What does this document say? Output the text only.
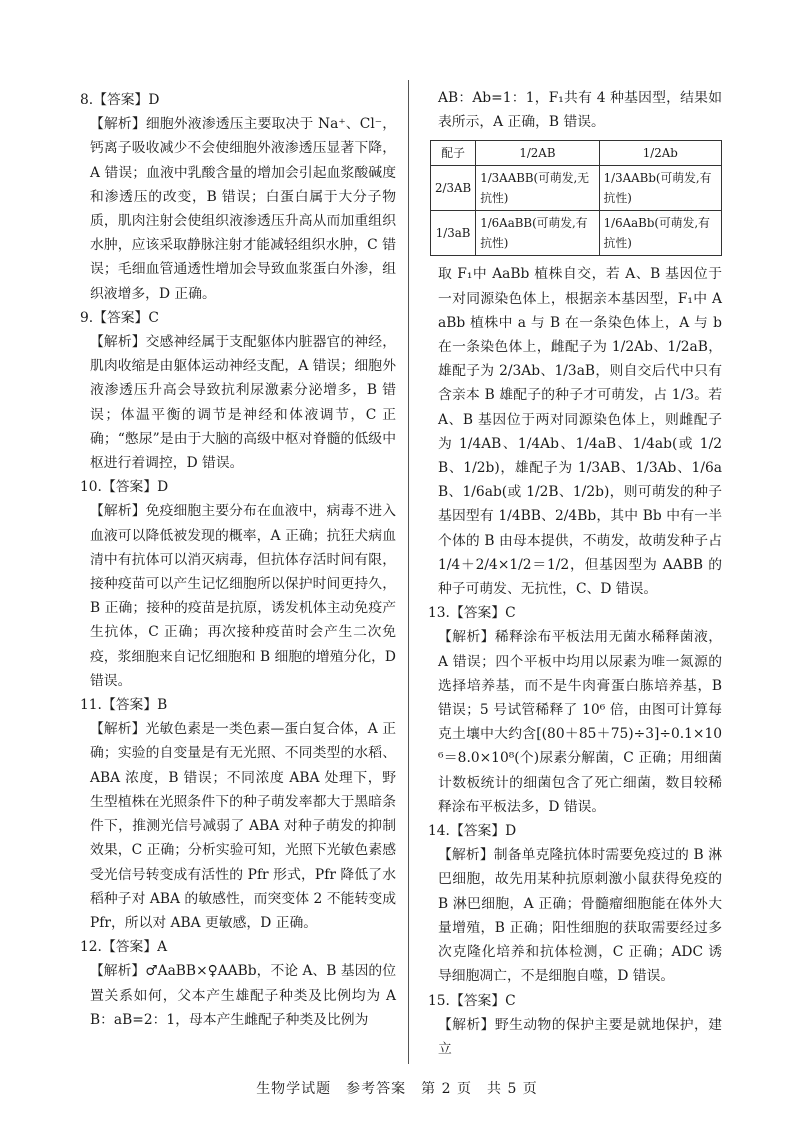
8.【答案】D
【解析】细胞外液渗透压主要取决于 Na⁺、Cl⁻，钙离子吸收减少不会使细胞外液渗透压显著下降，A 错误；血液中乳酸含量的增加会引起血浆酸碱度和渗透压的改变，B 错误；白蛋白属于大分子物质，肌肉注射会使组织液渗透压升高从而加重组织水肿，应该采取静脉注射才能减轻组织水肿，C 错误；毛细血管通透性增加会导致血浆蛋白外渗，组织液增多，D 正确。
9.【答案】C
【解析】交感神经属于支配躯体内脏器官的神经，肌肉收缩是由躯体运动神经支配，A 错误；细胞外液渗透压升高会导致抗利尿激素分泌增多，B 错误；体温平衡的调节是神经和体液调节，C 正确；“憋尿”是由于大脑的高级中枢对脊髓的低级中枢进行着调控，D 错误。
10.【答案】D
【解析】免疫细胞主要分布在血液中，病毒不进入血液可以降低被发现的概率，A 正确；抗狂犬病血清中有抗体可以消灭病毒，但抗体存活时间有限，接种疫苗可以产生记忆细胞所以保护时间更持久，B 正确；接种的疫苗是抗原，诱发机体主动免疫产生抗体，C 正确；再次接种疫苗时会产生二次免疫，浆细胞来自记忆细胞和 B 细胞的增殖分化，D 错误。
11.【答案】B
【解析】光敏色素是一类色素—蛋白复合体，A 正确；实验的自变量是有无光照、不同类型的水稻、ABA 浓度，B 错误；不同浓度 ABA 处理下，野生型植株在光照条件下的种子萌发率都大于黑暗条件下，推测光信号减弱了 ABA 对种子萌发的抑制效果，C 正确；分析实验可知，光照下光敏色素感受光信号转变成有活性的 Pfr 形式，Pfr 降低了水稻种子对 ABA 的敏感性，而突变体 2 不能转变成 Pfr，所以对 ABA 更敏感，D 正确。
12.【答案】A
【解析】♂AaBB×♀AABb，不论 A、B 基因的位置关系如何，父本产生雄配子种类及比例均为 AB：aB=2：1，母本产生雌配子种类及比例为
AB：Ab=1：1，F₁共有 4 种基因型，结果如表所示，A 正确，B 错误。
配子	1/2AB	1/2Ab
2/3AB	1/3AABB(可萌发,无抗性)	1/3AABb(可萌发,有抗性)
1/3aB	1/6AaBB(可萌发,有抗性)	1/6AaBb(可萌发,有抗性)
取 F₁中 AaBb 植株自交，若 A、B 基因位于一对同源染色体上，根据亲本基因型，F₁中 AaBb 植株中 a 与 B 在一条染色体上，A 与 b 在一条染色体上，雌配子为 1/2Ab、1/2aB，雄配子为 2/3Ab、1/3aB，则自交后代中只有含亲本 B 雄配子的种子才可萌发，占 1/3。若 A、B 基因位于两对同源染色体上，则雌配子为 1/4AB、1/4Ab、1/4aB、1/4ab(或 1/2B、1/2b)，雄配子为 1/3AB、1/3Ab、1/6aB、1/6ab(或 1/2B、1/2b)，则可萌发的种子基因型有 1/4BB、2/4Bb，其中 Bb 中有一半个体的 B 由母本提供，不萌发，故萌发种子占 1/4＋2/4×1/2＝1/2，但基因型为 AABB 的种子可萌发、无抗性，C、D 错误。
13.【答案】C
【解析】稀释涂布平板法用无菌水稀释菌液，A 错误；四个平板中均用以尿素为唯一氮源的选择培养基，而不是牛肉膏蛋白胨培养基，B 错误；5 号试管稀释了 10⁶ 倍，由图可计算每克土壤中大约含[(80＋85＋75)÷3]÷0.1×10⁶＝8.0×10⁸(个)尿素分解菌，C 正确；用细菌计数板统计的细菌包含了死亡细菌，数目较稀释涂布平板法多，D 错误。
14.【答案】D
【解析】制备单克隆抗体时需要免疫过的 B 淋巴细胞，故先用某种抗原刺激小鼠获得免疫的 B 淋巴细胞，A 正确；骨髓瘤细胞能在体外大量增殖，B 正确；阳性细胞的获取需要经过多次克隆化培养和抗体检测，C 正确；ADC 诱导细胞凋亡，不是细胞自噬，D 错误。
15.【答案】C
【解析】野生动物的保护主要是就地保护，建立
生物学试题　参考答案　第 2 页　共 5 页
